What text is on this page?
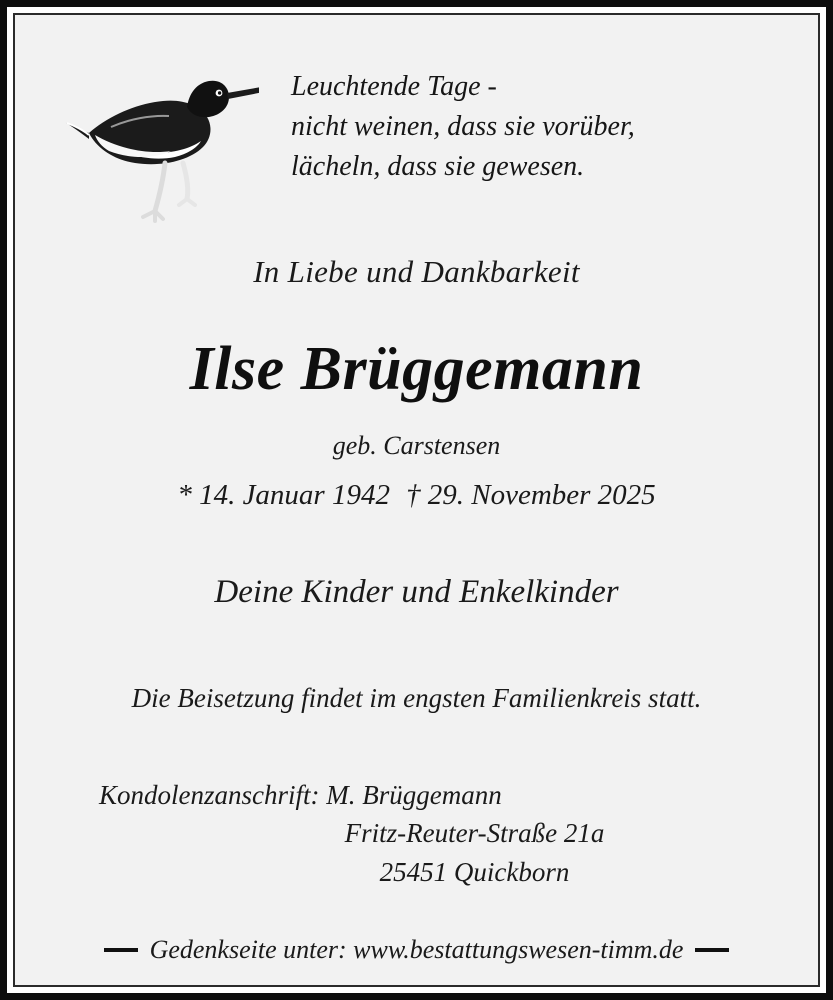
Leuchtende Tage -
nicht weinen, dass sie vorüber,
lächeln, dass sie gewesen.
In Liebe und Dankbarkeit
Ilse Brüggemann
geb. Carstensen
* 14. Januar 1942 † 29. November 2025
Deine Kinder und Enkelkinder
Die Beisetzung findet im engsten Familienkreis statt.
Kondolenzanschrift: M. Brüggemann
Fritz-Reuter-Straße 21a
25451 Quickborn
Gedenkseite unter: www.bestattungswesen-timm.de
